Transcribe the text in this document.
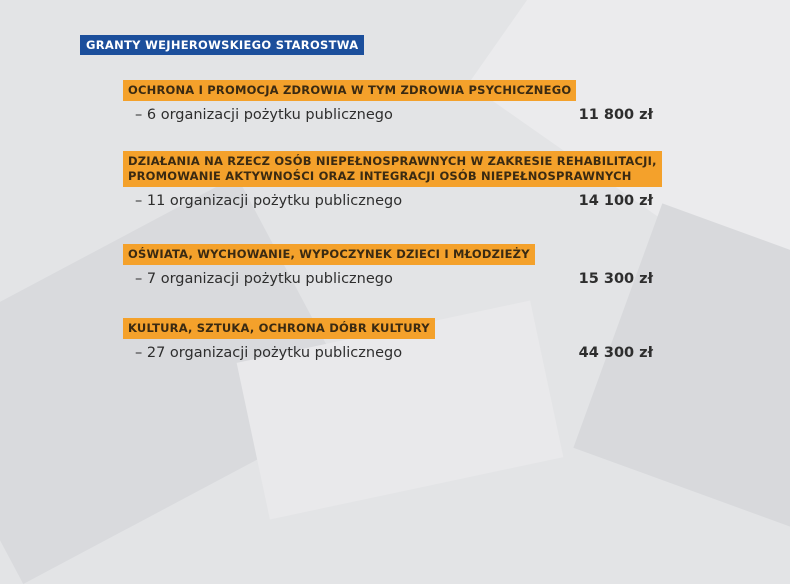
GRANTY WEJHEROWSKIEGO STAROSTWA
OCHRONA I PROMOCJA ZDROWIA W TYM ZDROWIA PSYCHICZNEGO
– 6 organizacji pożytku publicznego	11 800 zł
DZIAŁANIA NA RZECZ OSÓB NIEPEŁNOSPRAWNYCH W ZAKRESIE REHABILITACJI,
PROMOWANIE AKTYWNOŚCI ORAZ INTEGRACJI OSÓB NIEPEŁNOSPRAWNYCH
– 11 organizacji pożytku publicznego	14 100 zł
OŚWIATA, WYCHOWANIE, WYPOCZYNEK DZIECI I MŁODZIEŻY
– 7 organizacji pożytku publicznego	15 300 zł
KULTURA, SZTUKA, OCHRONA DÓBR KULTURY
– 27 organizacji pożytku publicznego	44 300 zł
